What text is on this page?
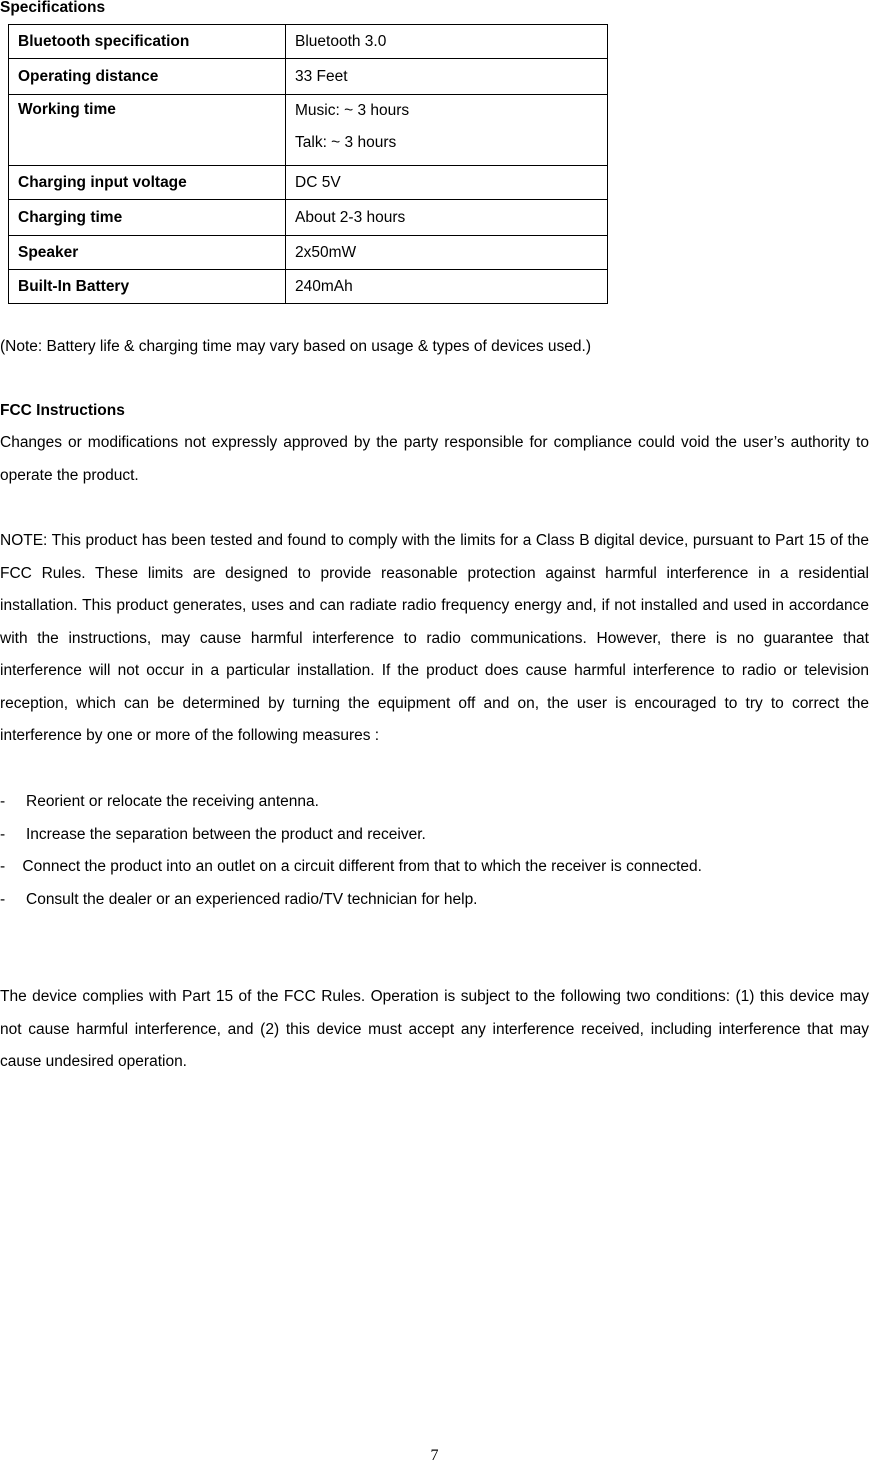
Specifications
Bluetooth specification	Bluetooth 3.0
Operating distance	33 Feet
Working time	Music: ~ 3 hours
Talk: ~ 3 hours

Charging input voltage	DC 5V
Charging time	About 2-3 hours
Speaker	2x50mW
Built-In Battery	240mAh
(Note: Battery life & charging time may vary based on usage & types of devices used.)
FCC Instructions
Changes or modifications not expressly approved by the party responsible for compliance could void the user’s authority to operate the product.
NOTE: This product has been tested and found to comply with the limits for a Class B digital device, pursuant to Part 15 of the FCC Rules. These limits are designed to provide reasonable protection against harmful interference in a residential installation. This product generates, uses and can radiate radio frequency energy and, if not installed and used in accordance with the instructions, may cause harmful interference to radio communications. However, there is no guarantee that interference will not occur in a particular installation. If the product does cause harmful interference to radio or television reception, which can be determined by turning the equipment off and on, the user is encouraged to try to correct the interference by one or more of the following measures :
- Reorient or relocate the receiving antenna.
- Increase the separation between the product and receiver.
- Connect the product into an outlet on a circuit different from that to which the receiver is connected.
- Consult the dealer or an experienced radio/TV technician for help.
The device complies with Part 15 of the FCC Rules. Operation is subject to the following two conditions: (1) this device may not cause harmful interference, and (2) this device must accept any interference received, including interference that may cause undesired operation.
7
